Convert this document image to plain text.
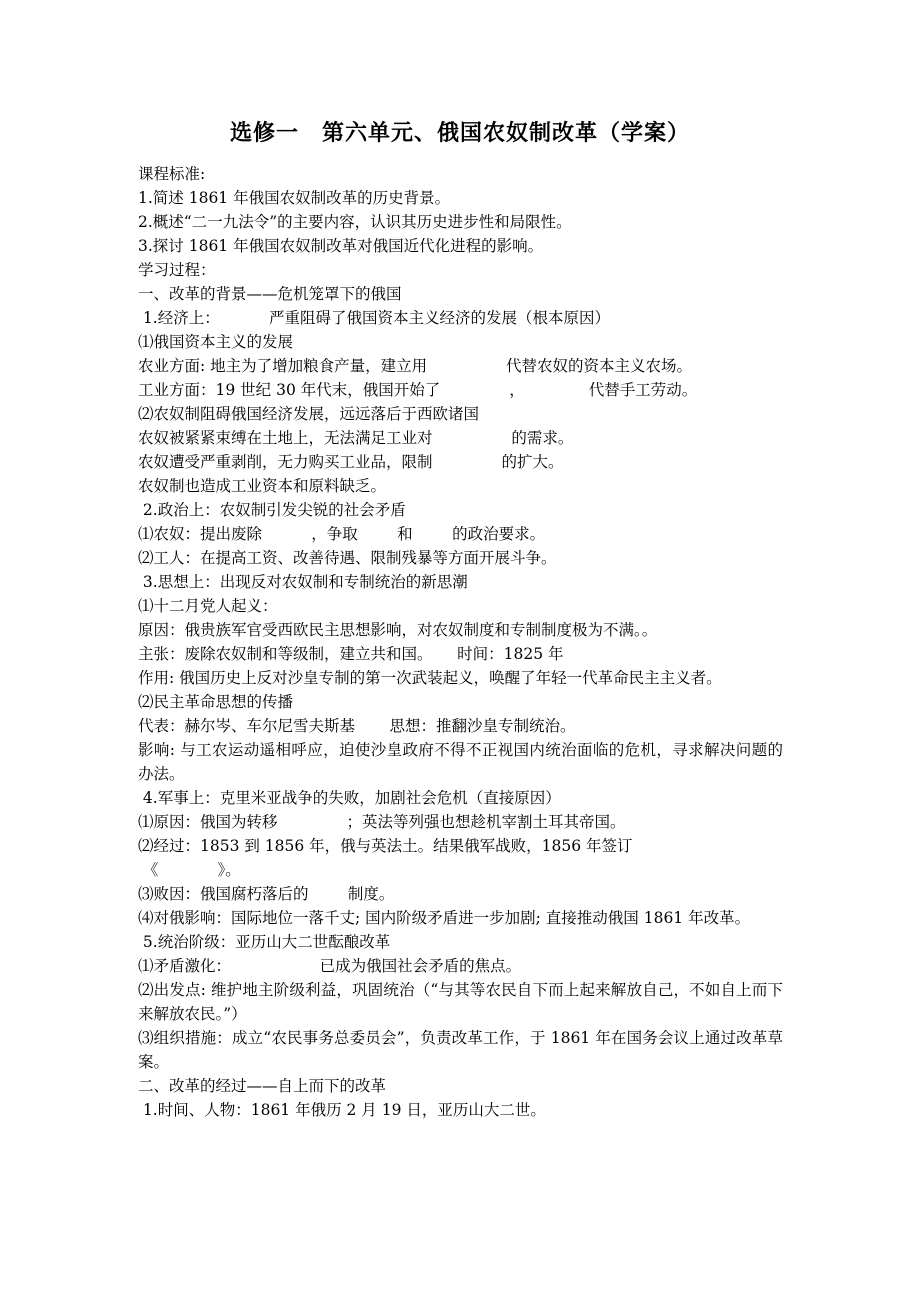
选修一　第六单元、俄国农奴制改革（学案）
课程标准:
1.简述 1861 年俄国农奴制改革的历史背景。
2.概述“二一九法令”的主要内容，认识其历史进步性和局限性。
3.探讨 1861 年俄国农奴制改革对俄国近代化进程的影响。
学习过程：
一、改革的背景——危机笼罩下的俄国
1.经济上：          严重阻碍了俄国资本主义经济的发展（根本原因）
⑴俄国资本主义的发展
农业方面: 地主为了增加粮食产量，建立用                代替农奴的资本主义农场。
工业方面：19 世纪 30 年代末，俄国开始了              ，             代替手工劳动。
⑵农奴制阻碍俄国经济发展，远远落后于西欧诸国
农奴被紧紧束缚在土地上，无法满足工业对                的需求。
农奴遭受严重剥削，无力购买工业品，限制              的扩大。
农奴制也造成工业资本和原料缺乏。
2.政治上：农奴制引发尖锐的社会矛盾
⑴农奴：提出废除          ，争取        和        的政治要求。
⑵工人：在提高工资、改善待遇、限制残暴等方面开展斗争。
3.思想上：出现反对农奴制和专制统治的新思潮
⑴十二月党人起义：
原因：俄贵族军官受西欧民主思想影响，对农奴制度和专制制度极为不满。。
主张：废除农奴制和等级制，建立共和国。     时间：1825 年
作用: 俄国历史上反对沙皇专制的第一次武装起义，唤醒了年轻一代革命民主主义者。
⑵民主革命思想的传播
代表：赫尔岑、车尔尼雪夫斯基       思想：推翻沙皇专制统治。
影响: 与工农运动遥相呼应，迫使沙皇政府不得不正视国内统治面临的危机，寻求解决问题的办法。
4.军事上：克里米亚战争的失败，加剧社会危机（直接原因）
⑴原因：俄国为转移              ；英法等列强也想趁机宰割土耳其帝国。
⑵经过：1853 到 1856 年，俄与英法土。结果俄军战败，1856 年签订
《            》。
⑶败因：俄国腐朽落后的        制度。
⑷对俄影响：国际地位一落千丈; 国内阶级矛盾进一步加剧; 直接推动俄国 1861 年改革。
5.统治阶级：亚历山大二世酝酿改革
⑴矛盾激化：                  已成为俄国社会矛盾的焦点。
⑵出发点: 维护地主阶级利益，巩固统治（“与其等农民自下而上起来解放自己，不如自上而下来解放农民。”）
⑶组织措施：成立“农民事务总委员会”，负责改革工作，于 1861 年在国务会议上通过改革草案。
二、改革的经过——自上而下的改革
1.时间、人物：1861 年俄历 2 月 19 日，亚历山大二世。
